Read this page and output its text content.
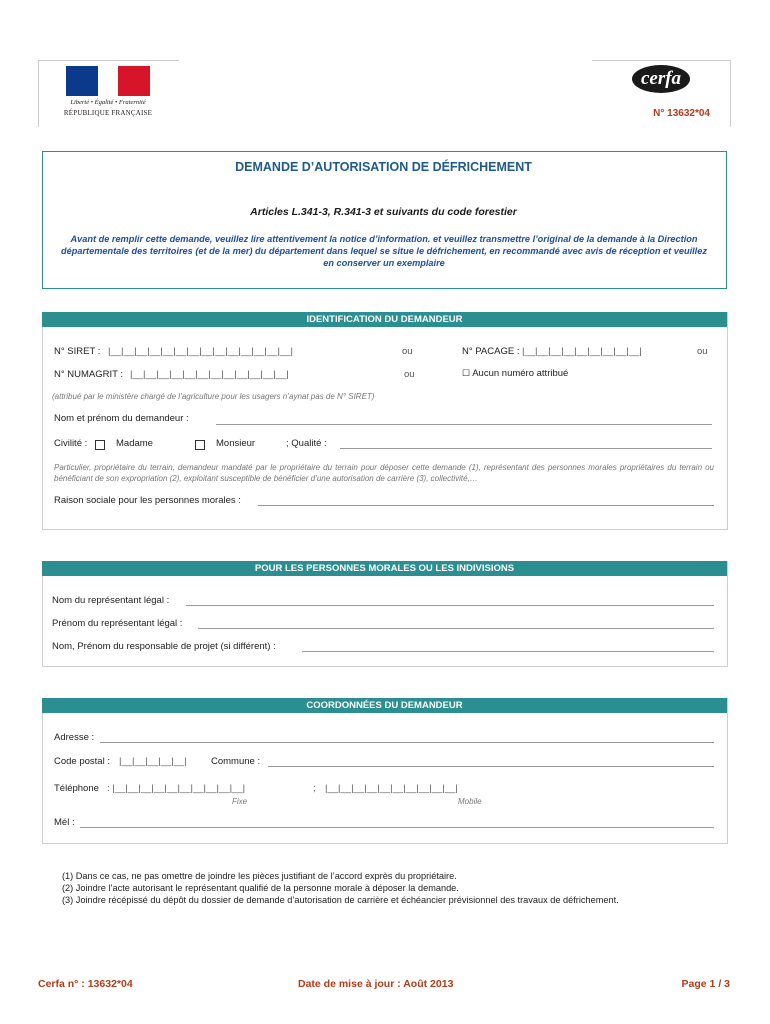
Liberté • Égalité • Fraternité
RÉPUBLIQUE FRANÇAISE
cerfa
N° 13632*04
DEMANDE D’AUTORISATION DE DÉFRICHEMENT
Articles L.341-3, R.341-3 et suivants du code forestier
Avant de remplir cette demande, veuillez lire attentivement la notice d’information. et veuillez transmettre l’original de la demande à la Direction départementale des territoires (et de la mer) du département dans lequel se situe le défrichement, en recommandé avec avis de réception et veuillez en conserver un exemplaire
IDENTIFICATION DU DEMANDEUR
N° SIRET : |__|__|__|__|__|__|__|__|__|__|__|__|__|__|	ou	N° PACAGE : |__|__|__|__|__|__|__|__|__|	ou
N° NUMAGRIT : |__|__|__|__|__|__|__|__|__|__|__|__|	ou	☐ Aucun numéro attribué
(attribué par le ministère chargé de l’agriculture pour les usagers n’aynat pas de N° SIRET)
Nom et prénom du demandeur :
Civilité :	Madame	Monsieur	; Qualité :
Particulier, propriétaire du terrain, demandeur mandaté par le propriétaire du terrain pour déposer cette demande (1), représentant des personnes morales propriétaires du terrain ou bénéficiant de son expropriation (2), exploitant susceptible de bénéficier d’une autorisation de carrière (3), collectivité,…
Raison sociale pour les personnes morales :
POUR LES PERSONNES MORALES OU LES INDIVISIONS
Nom du représentant légal :
Prénom du représentant légal :
Nom, Prénom du responsable de projet (si différent) :
COORDONNÉES DU DEMANDEUR
Adresse :
Code postal : |__|__|__|__|__|	Commune :
Téléphone : |__|__|__|__|__|__|__|__|__|__|	; |__|__|__|__|__|__|__|__|__|__|
Fixe	Mobile
Mél :
(1) Dans ce cas, ne pas omettre de joindre les pièces justifiant de l’accord exprès du propriétaire.
(2) Joindre l’acte autorisant le représentant qualifié de la personne morale à déposer la demande.
(3) Joindre récépissé du dépôt du dossier de demande d’autorisation de carrière et échéancier prévisionnel des travaux de défrichement.
Cerfa n° : 13632*04	Date de mise à jour : Août 2013	Page 1 / 3
